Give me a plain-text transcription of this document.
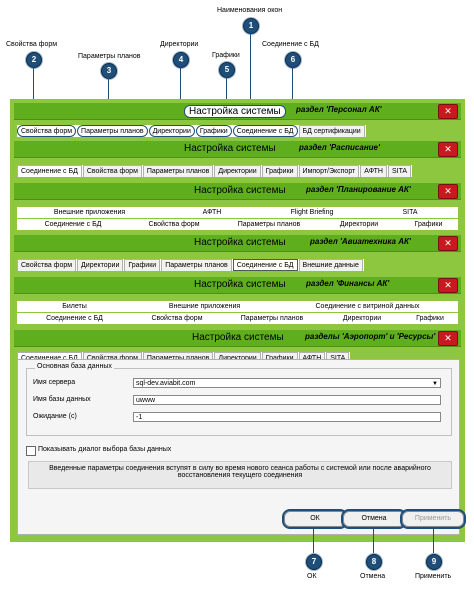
Наименования окон
1
Свойства форм
2	Параметры планов
3
Директории
4	Графики
5
Соединение с БД
6
Настройка системы	раздел 'Персонал АК'	✕
Свойства форм	Параметры планов	Директории	Графики	Соединение с БД	БД сертификации
Настройка системы	раздел 'Расписание'	✕
Соединение с БД	Свойства форм	Параметры планов	Директории	Графики	Импорт/Экспорт	АФТН	SITA
Настройка системы	раздел 'Планирование АК'	✕
Внешние приложения	АФТН	Flight Briefing	SITA
Соединение с БД	Свойства форм	Параметры планов	Директории	Графики
Настройка системы	раздел 'Авиатехника АК'	✕
Свойства форм	Директории	Графики	Параметры планов	Соединение с БД	Внешние данные
Настройка системы	раздел 'Финансы АК'	✕
Билеты	Внешние приложения	Соединение с витриной данных
Соединение с БД	Свойства форм	Параметры планов	Директории	Графики
Настройка системы	разделы 'Аэропорт' и 'Ресурсы' ✕
Основная база данных
Имя сервера	sql-dev.aviabit.com	▼
Имя базы данных	uwww
Ожидание (с)	-1
Показывать диалог выбора базы данных
Введенные параметры соединения вступят в силу во время нового сеанса работы с системой или после аварийного восстановления текущего соединения
ОК	Отмена	Применить
7
ОК
8
Отмена
9
Применить
